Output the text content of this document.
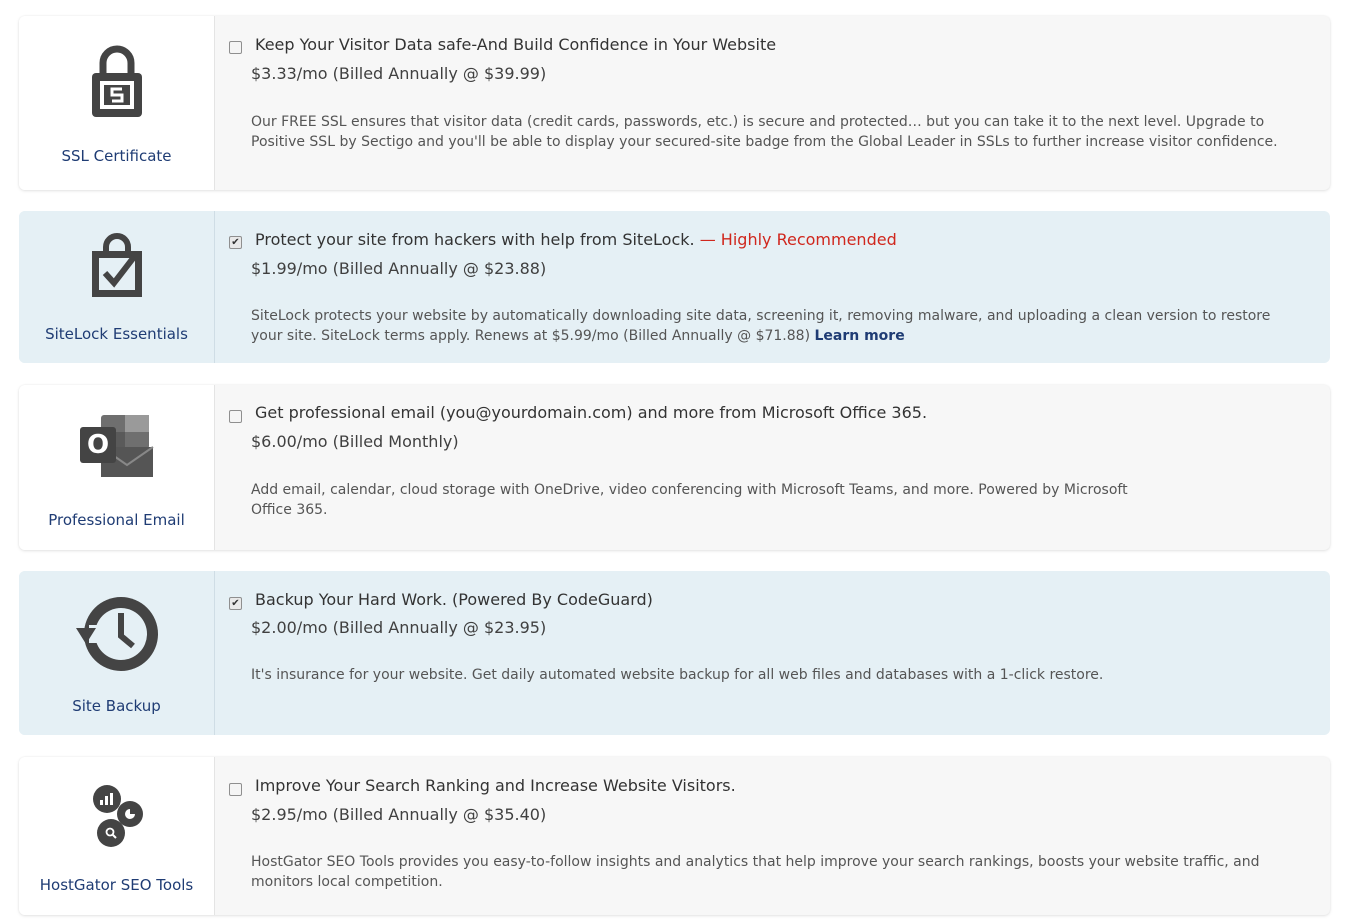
SSL Certificate
Keep Your Visitor Data safe-And Build Confidence in Your Website
$3.33/mo (Billed Annually @ $39.99)
Our FREE SSL ensures that visitor data (credit cards, passwords, etc.) is secure and protected… but you can take it to the next level. Upgrade to Positive SSL by Sectigo and you'll be able to display your secured-site badge from the Global Leader in SSLs to further increase visitor confidence.
SiteLock Essentials
✔ Protect your site from hackers with help from SiteLock. — Highly Recommended
$1.99/mo (Billed Annually @ $23.88)
SiteLock protects your website by automatically downloading site data, screening it, removing malware, and uploading a clean version to restore your site. SiteLock terms apply. Renews at $5.99/mo (Billed Annually @ $71.88) Learn more
O
Professional Email
Get professional email (you@yourdomain.com) and more from Microsoft Office 365.
$6.00/mo (Billed Monthly)
Add email, calendar, cloud storage with OneDrive, video conferencing with Microsoft Teams, and more. Powered by Microsoft Office 365.
Site Backup
✔ Backup Your Hard Work. (Powered By CodeGuard)
$2.00/mo (Billed Annually @ $23.95)
It's insurance for your website. Get daily automated website backup for all web files and databases with a 1-click restore.
HostGator SEO Tools
Improve Your Search Ranking and Increase Website Visitors.
$2.95/mo (Billed Annually @ $35.40)
HostGator SEO Tools provides you easy-to-follow insights and analytics that help improve your search rankings, boosts your website traffic, and monitors local competition.
